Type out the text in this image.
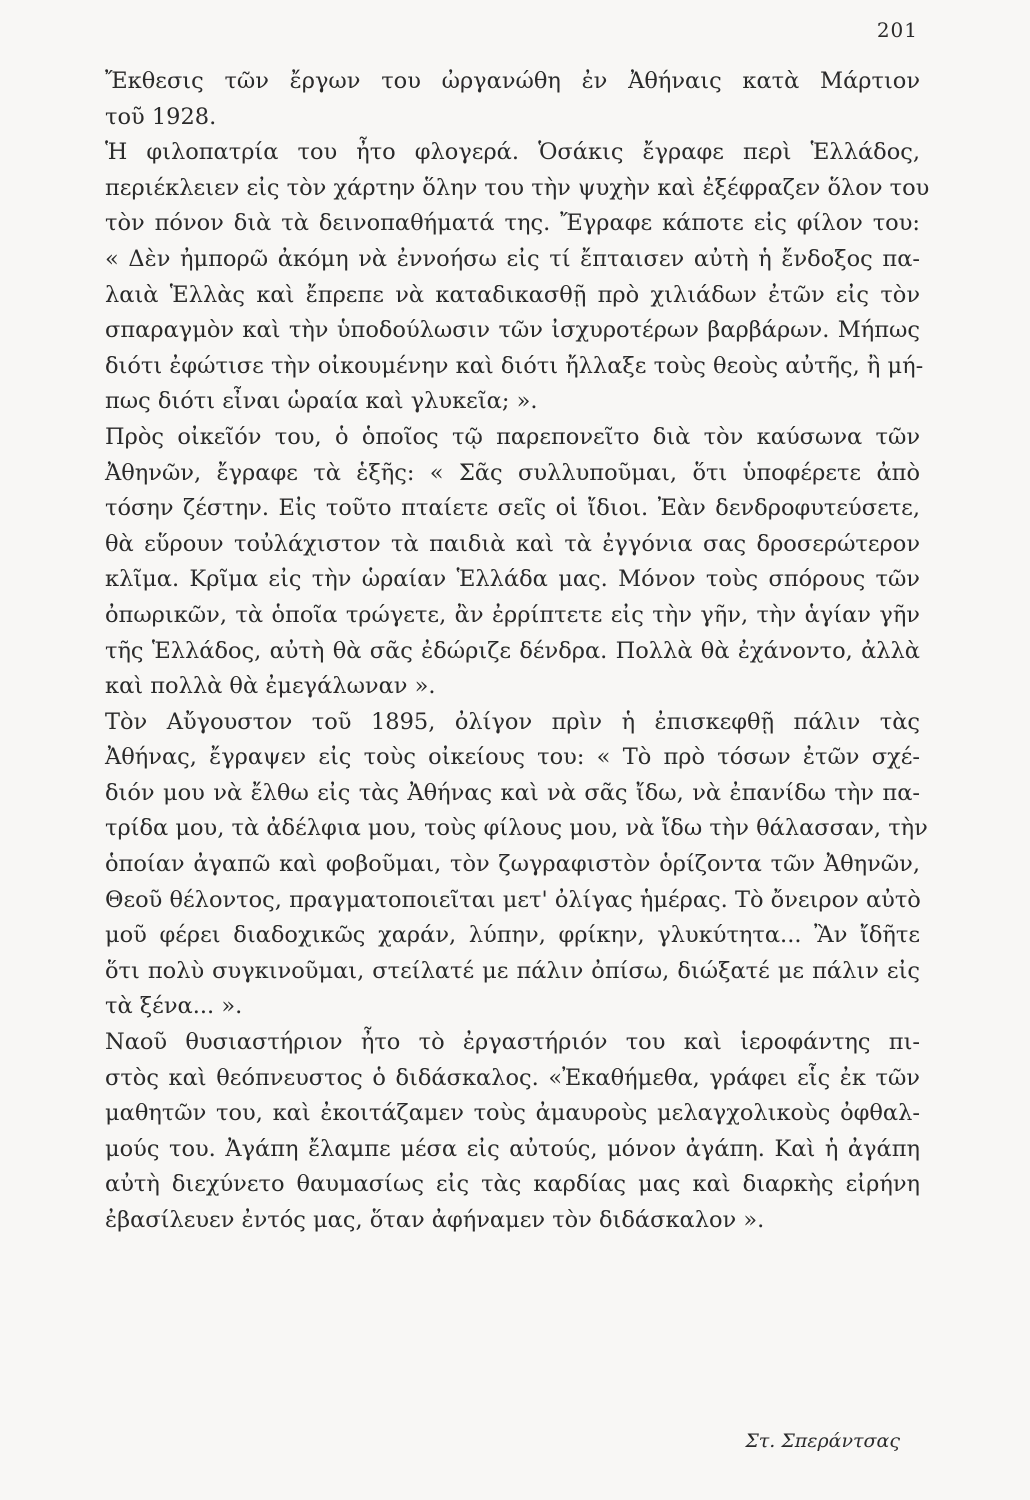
201

Ἔκθεσις τῶν ἔργων του ὠργανώθη ἐν Ἀθήναις κατὰ Μάρτιον
τοῦ 1928.

Ἡ φιλοπατρία του ἦτο φλογερά. Ὁσάκις ἔγραφε περὶ Ἑλλάδος,
περιέκλειεν εἰς τὸν χάρτην ὅλην του τὴν ψυχὴν καὶ ἐξέφραζεν ὅλον του
τὸν πόνον διὰ τὰ δεινοπαθήματά της. Ἔγραφε κάποτε εἰς φίλον του:
« Δὲν ἠμπορῶ ἀκόμη νὰ ἐννοήσω εἰς τί ἔπταισεν αὐτὴ ἡ ἔνδοξος πα-
λαιὰ Ἑλλὰς καὶ ἔπρεπε νὰ καταδικασθῇ πρὸ χιλιάδων ἐτῶν εἰς τὸν
σπαραγμὸν καὶ τὴν ὑποδούλωσιν τῶν ἰσχυροτέρων βαρβάρων. Μήπως
διότι ἐφώτισε τὴν οἰκουμένην καὶ διότι ἤλλαξε τοὺς θεοὺς αὐτῆς, ἢ μή-
πως διότι εἶναι ὡραία καὶ γλυκεῖα; ».

Πρὸς οἰκεῖόν του, ὁ ὁποῖος τῷ παρεπονεῖτο διὰ τὸν καύσωνα τῶν
Ἀθηνῶν, ἔγραφε τὰ ἑξῆς: « Σᾶς συλλυποῦμαι, ὅτι ὑποφέρετε ἀπὸ
τόσην ζέστην. Εἰς τοῦτο πταίετε σεῖς οἱ ἴδιοι. Ἐὰν δενδροφυτεύσετε,
θὰ εὕρουν τοὐλάχιστον τὰ παιδιὰ καὶ τὰ ἐγγόνια σας δροσερώτερον
κλῖμα. Κρῖμα εἰς τὴν ὡραίαν Ἑλλάδα μας. Μόνον τοὺς σπόρους τῶν
ὀπωρικῶν, τὰ ὁποῖα τρώγετε, ἂν ἐρρίπτετε εἰς τὴν γῆν, τὴν ἁγίαν γῆν
τῆς Ἑλλάδος, αὐτὴ θὰ σᾶς ἐδώριζε δένδρα. Πολλὰ θὰ ἐχάνοντο, ἀλλὰ
καὶ πολλὰ θὰ ἐμεγάλωναν ».

Τὸν Αὔγουστον τοῦ 1895, ὀλίγον πρὶν ἡ ἐπισκεφθῇ πάλιν τὰς
Ἀθήνας, ἔγραψεν εἰς τοὺς οἰκείους του: « Τὸ πρὸ τόσων ἐτῶν σχέ-
διόν μου νὰ ἔλθω εἰς τὰς Ἀθήνας καὶ νὰ σᾶς ἴδω, νὰ ἐπανίδω τὴν πα-
τρίδα μου, τὰ ἀδέλφια μου, τοὺς φίλους μου, νὰ ἴδω τὴν θάλασσαν, τὴν
ὁποίαν ἀγαπῶ καὶ φοβοῦμαι, τὸν ζωγραφιστὸν ὁρίζοντα τῶν Ἀθηνῶν,
Θεοῦ θέλοντος, πραγματοποιεῖται μετ' ὀλίγας ἡμέρας. Τὸ ὄνειρον αὐτὸ
μοῦ φέρει διαδοχικῶς χαράν, λύπην, φρίκην, γλυκύτητα... Ἂν ἴδῆτε
ὅτι πολὺ συγκινοῦμαι, στείλατέ με πάλιν ὀπίσω, διώξατέ με πάλιν εἰς
τὰ ξένα... ».

Ναοῦ θυσιαστήριον ἦτο τὸ ἐργαστήριόν του καὶ ἱεροφάντης πι-
στὸς καὶ θεόπνευστος ὁ διδάσκαλος. «Ἐκαθήμεθα, γράφει εἷς ἐκ τῶν
μαθητῶν του, καὶ ἐκοιτάζαμεν τοὺς ἀμαυροὺς μελαγχολικοὺς ὀφθαλ-
μούς του. Ἀγάπη ἔλαμπε μέσα εἰς αὐτούς, μόνον ἀγάπη. Καὶ ἡ ἀγάπη
αὐτὴ διεχύνετο θαυμασίως εἰς τὰς καρδίας μας καὶ διαρκὴς εἰρήνη
ἐβασίλευεν ἐντός μας, ὅταν ἀφήναμεν τὸν διδάσκαλον ».

Στ. Σπεράντσας
